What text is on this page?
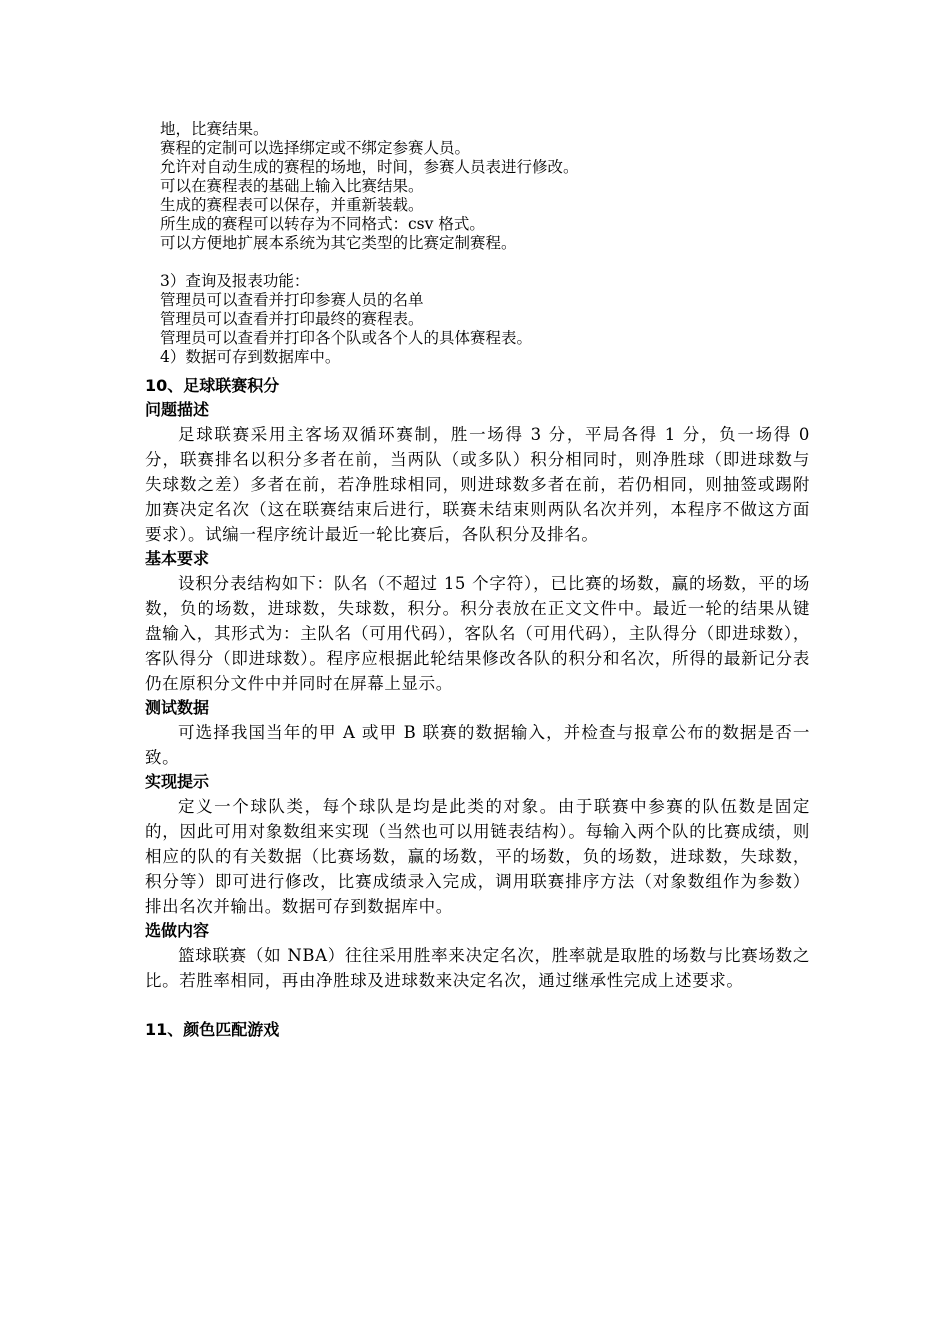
地，比赛结果。
赛程的定制可以选择绑定或不绑定参赛人员。
允许对自动生成的赛程的场地，时间，参赛人员表进行修改。
可以在赛程表的基础上输入比赛结果。
生成的赛程表可以保存，并重新装载。
所生成的赛程可以转存为不同格式：csv 格式。
可以方便地扩展本系统为其它类型的比赛定制赛程。
3）查询及报表功能：
管理员可以查看并打印参赛人员的名单
管理员可以查看并打印最终的赛程表。
管理员可以查看并打印各个队或各个人的具体赛程表。
4）数据可存到数据库中。
10、足球联赛积分
问题描述
足球联赛采用主客场双循环赛制，胜一场得 3 分，平局各得 1 分，负一场得 0 分，联赛排名以积分多者在前，当两队（或多队）积分相同时，则净胜球（即进球数与失球数之差）多者在前，若净胜球相同，则进球数多者在前，若仍相同，则抽签或踢附加赛决定名次（这在联赛结束后进行，联赛未结束则两队名次并列，本程序不做这方面要求）。试编一程序统计最近一轮比赛后，各队积分及排名。
基本要求
设积分表结构如下：队名（不超过 15 个字符），已比赛的场数，赢的场数，平的场数，负的场数，进球数，失球数，积分。积分表放在正文文件中。最近一轮的结果从键盘输入，其形式为：主队名（可用代码），客队名（可用代码），主队得分（即进球数），客队得分（即进球数）。程序应根据此轮结果修改各队的积分和名次，所得的最新记分表仍在原积分文件中并同时在屏幕上显示。
测试数据
可选择我国当年的甲 A 或甲 B 联赛的数据输入，并检查与报章公布的数据是否一致。
实现提示
定义一个球队类，每个球队是均是此类的对象。由于联赛中参赛的队伍数是固定的，因此可用对象数组来实现（当然也可以用链表结构）。每输入两个队的比赛成绩，则相应的队的有关数据（比赛场数，赢的场数，平的场数，负的场数，进球数，失球数，积分等）即可进行修改，比赛成绩录入完成，调用联赛排序方法（对象数组作为参数）排出名次并输出。数据可存到数据库中。
选做内容
篮球联赛（如 NBA）往往采用胜率来决定名次，胜率就是取胜的场数与比赛场数之比。若胜率相同，再由净胜球及进球数来决定名次，通过继承性完成上述要求。
11、颜色匹配游戏
